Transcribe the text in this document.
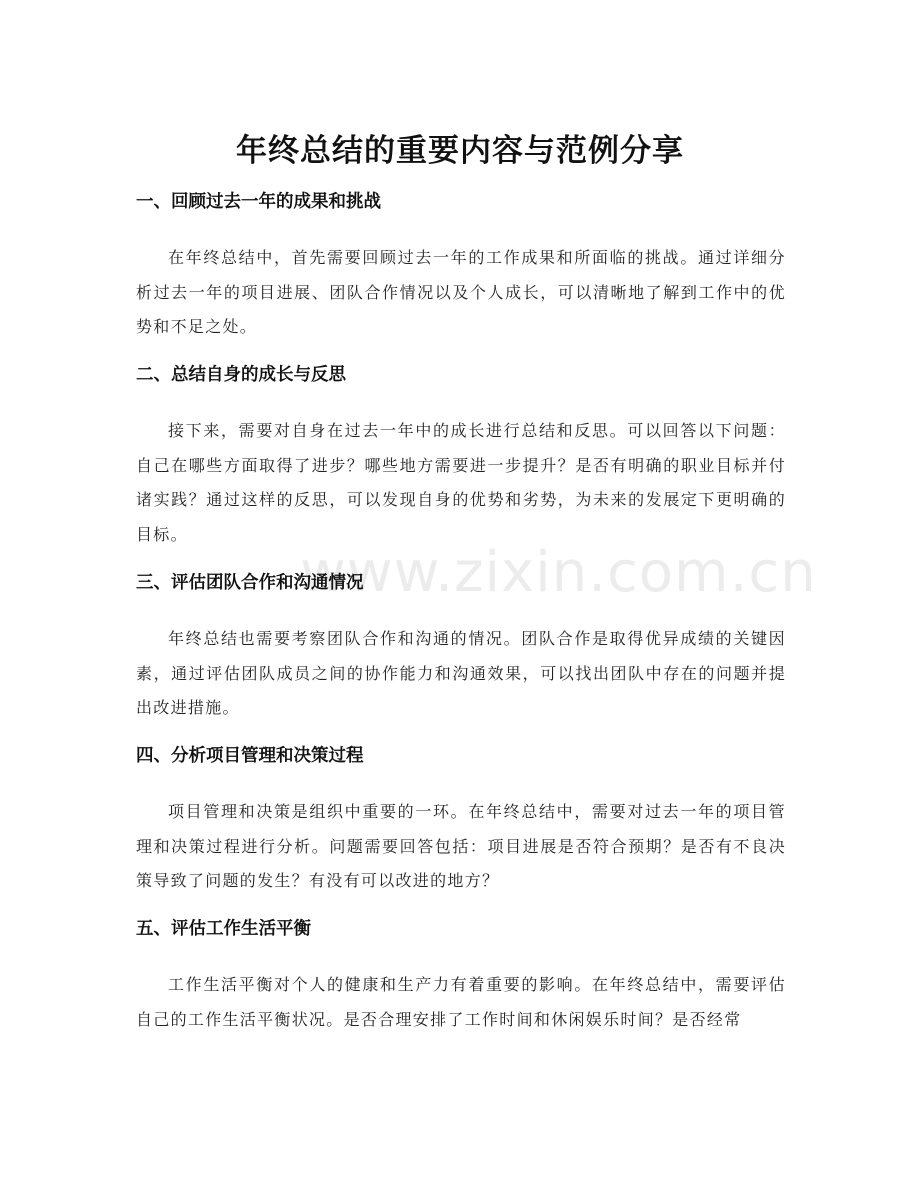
年终总结的重要内容与范例分享
www.zixin.com.cn
一、回顾过去一年的成果和挑战

在年终总结中，首先需要回顾过去一年的工作成果和所面临的挑战。通过详细分析过去一年的项目进展、团队合作情况以及个人成长，可以清晰地了解到工作中的优势和不足之处。

二、总结自身的成长与反思

接下来，需要对自身在过去一年中的成长进行总结和反思。可以回答以下问题：自己在哪些方面取得了进步？哪些地方需要进一步提升？是否有明确的职业目标并付诸实践？通过这样的反思，可以发现自身的优势和劣势，为未来的发展定下更明确的目标。

三、评估团队合作和沟通情况

年终总结也需要考察团队合作和沟通的情况。团队合作是取得优异成绩的关键因素，通过评估团队成员之间的协作能力和沟通效果，可以找出团队中存在的问题并提出改进措施。

四、分析项目管理和决策过程

项目管理和决策是组织中重要的一环。在年终总结中，需要对过去一年的项目管理和决策过程进行分析。问题需要回答包括：项目进展是否符合预期？是否有不良决策导致了问题的发生？有没有可以改进的地方？

五、评估工作生活平衡

工作生活平衡对个人的健康和生产力有着重要的影响。在年终总结中，需要评估自己的工作生活平衡状况。是否合理安排了工作时间和休闲娱乐时间？是否经常
